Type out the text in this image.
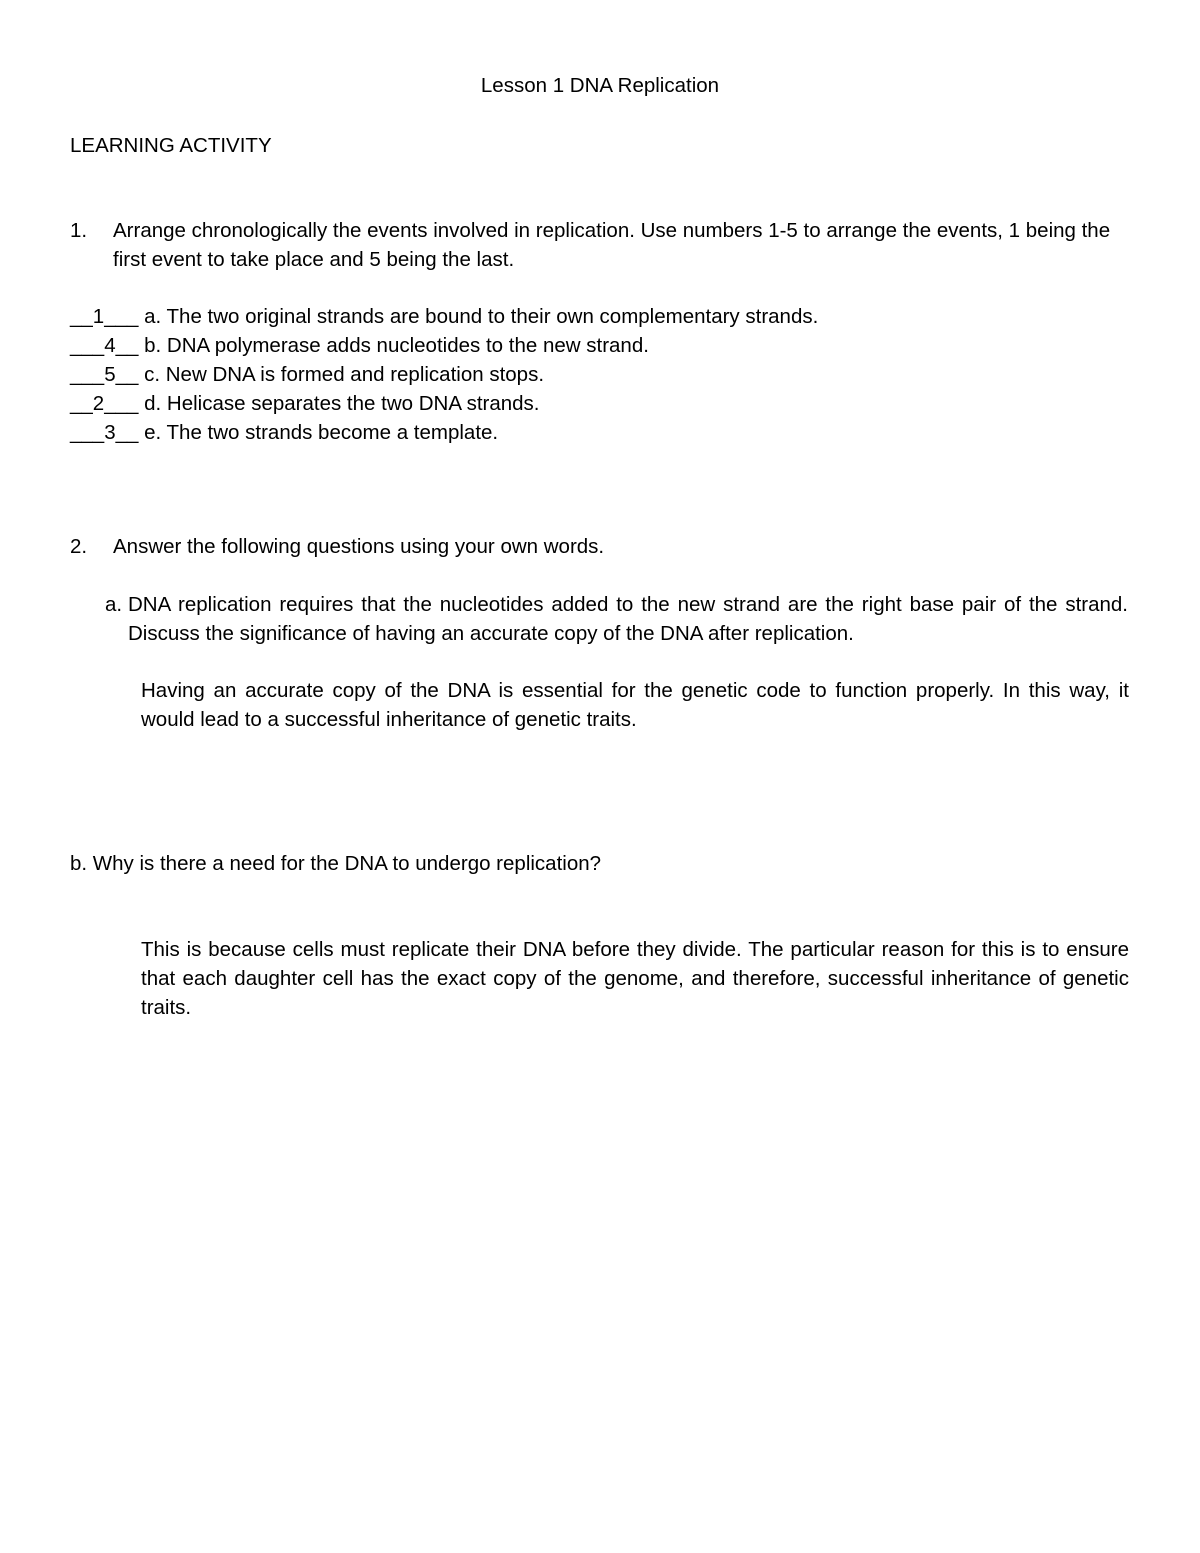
Lesson 1 DNA Replication
LEARNING ACTIVITY
1. Arrange chronologically the events involved in replication. Use numbers 1-5 to arrange the events, 1 being the first event to take place and 5 being the last.
__1___ a. The two original strands are bound to their own complementary strands.
___4__ b. DNA polymerase adds nucleotides to the new strand.
___5__ c. New DNA is formed and replication stops.
__2___ d. Helicase separates the two DNA strands.
___3__ e. The two strands become a template.
2. Answer the following questions using your own words.
a. DNA replication requires that the nucleotides added to the new strand are the right base pair of the strand. Discuss the significance of having an accurate copy of the DNA after replication.
Having an accurate copy of the DNA is essential for the genetic code to function properly. In this way, it would lead to a successful inheritance of genetic traits.
b. Why is there a need for the DNA to undergo replication?
This is because cells must replicate their DNA before they divide. The particular reason for this is to ensure that each daughter cell has the exact copy of the genome, and therefore, successful inheritance of genetic traits.
